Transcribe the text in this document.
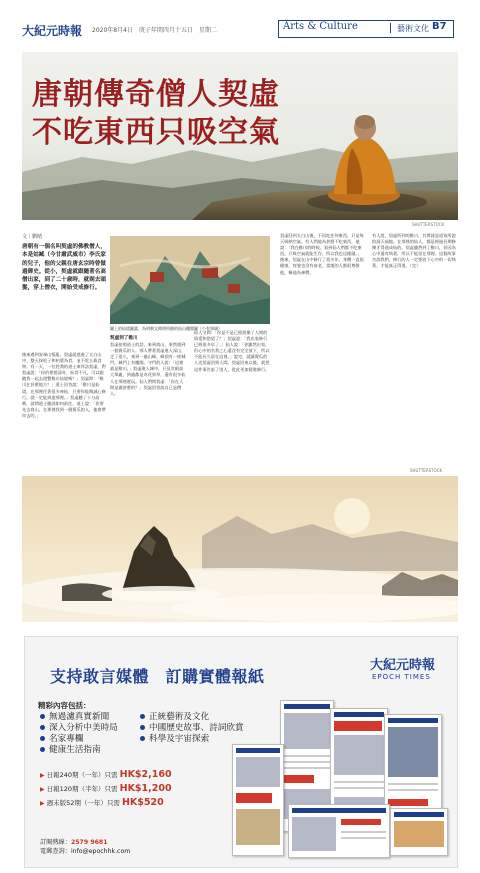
大紀元時報 2020年8月4日　庚子年閏四月十五日　星期二	Arts & Culture	藝術文化 B7
唐朝傳奇僧人契虛
不吃東西只吸空氣
SHUTTERSTOCK
文｜劉晴
唐朝有一個名叫契虛的佛教僧人，本是姑臧（今甘肅武威市）李氏家的兒子，他的父親在唐玄宗時曾做過御史。從小，契虛就跟隨著名高僧出家，到了二十歲時，就剃去頭髮，穿上僧衣，開始受戒修行。
後來遇到安祿山叛亂，契虛就逃進了太白山中，整天採松子和柏葉為食，並不吃五穀食物。有一天，一位姓喬的道士來拜訪契虛，對契虛說：「你的相貌清奇，仙骨不凡，可以跟隨我一起去遊覽稚川仙境嗎？」契虛問：「稚川在甚麼地方？」道士回答說：「稚川是仙境，在那裡住著很多神仙，只要你能夠誠心修行，就一定能到達那裡。」契虛聽了十分高興，就問道士應該如何前往。道士說：「你要先去商山，在那裡找到一個賣瓜的人，他會帶你去的。」
圖上的仙境圖畫，為明朝文徵明所繪的仙山樓閣圖（公有領域）
契虛到了稚川
契虛按照道士的話，來到商山，果然遇到一個賣瓜的人。那人帶著契虛進入深山，走了很久，來到一處山峰，峰頂有一座城門，城門上有樓閣。守門的人說：「這裡就是稚川。」契虛進入城中，只見宮殿高大華麗，到處都是奇花異草，還有很多仙人在那裡遊玩。仙人們問契虛：「你在人間是做甚麼的？」契虛回答說自己是僧人。
仙人又問：「你是不是已經捨棄了人間的情愛和慾望了？」契虛說：「我出家修行已經很多年了。」仙人說：「你雖然出家，但心中的名利之心還沒有完全放下，所以不能長久留在這裡。」說完，就讓賣瓜的人送契虛回到人間。契虛回來以後，就把這件事告訴了別人，從此更加精進修行。
契虛回到太白山後，不再吃任何東西，只是每天吸納空氣。有人問他為甚麼不吃東西，他說：「我在稚川的時候，看到仙人們都不吃東西，只吸空氣就能生存，所以我也這樣做。」後來，契虛在山中修行了很多年，身體一直很健康，容貌也沒有衰老。當地的人都很尊敬他，稱他為神僧。
有人說，契虛所到的稚川，其實就是道家所說的洞天福地。在那裡的仙人，都是經過長期修煉才得道成仙的。契虛雖然到了稚川，但因為心中還有執著，所以不能留在那裡。這個故事告訴我們，修行的人一定要放下心中的一切執著，才能真正得道。（完）
SHUTTERSTOCK
支持敢言媒體　訂購實體報紙
大紀元時報
EPOCH TIMES
精彩內容包括：
無過濾真實新聞
深入分析中美時局
名家專欄
健康生活指南
正統藝術及文化
中國歷史故事、詩詞欣賞
科學及宇宙探索
▶ 日報240期（一年）只需 HK$2,160
▶ 日報120期（半年）只需 HK$1,200
▶ 週末版52期（一年）只需 HK$520
訂閱熱線：2579 9681
電郵查詢：info@epochhk.com
